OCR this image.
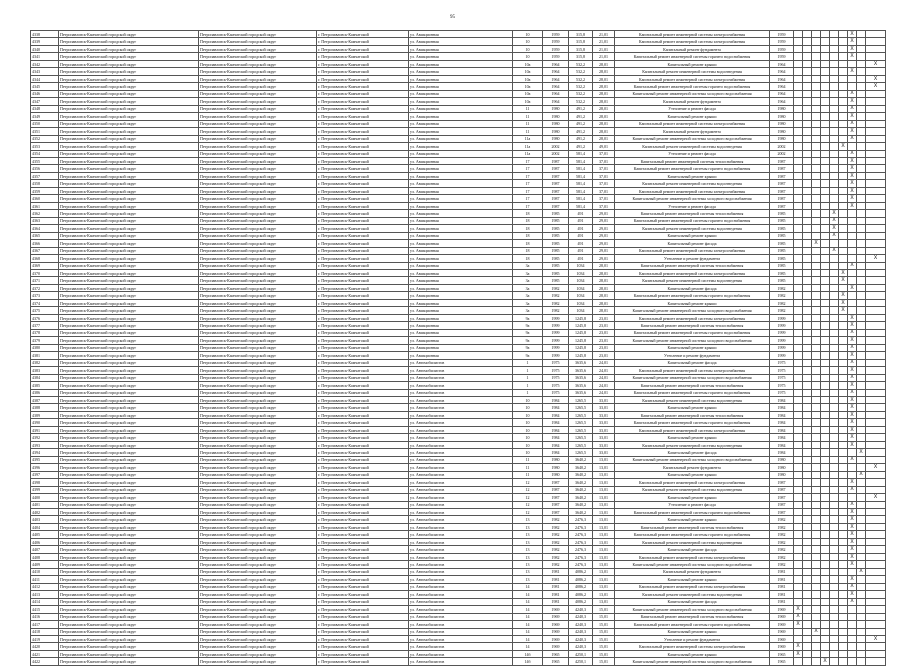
95
4338	Петропавловск-Камчатский городской округ	Петропавловск-Камчатский городской округ	г. Петропавловск-Камчатский	ул. Авиационная	10	1959	315,8	21,01	Капитальный ремонт инженерной системы электроснабжения	1959							X		
4339	Петропавловск-Камчатский городской округ	Петропавловск-Камчатский городской округ	г. Петропавловск-Камчатский	ул. Авиационная	10	1959	315,8	21,01	Капитальный ремонт инженерной системы электроснабжения	1959							X		
4340	Петропавловск-Камчатский городской округ	Петропавловск-Камчатский городской округ	г. Петропавловск-Камчатский	ул. Авиационная	10	1959	315,8	21,01	Капитальный ремонт фундамента	1959							X		
4341	Петропавловск-Камчатский городской округ	Петропавловск-Камчатский городской округ	г. Петропавловск-Камчатский	ул. Авиационная	10	1959	315,8	21,01	Капитальный ремонт инженерной системы горячего водоснабжения	1959							X		
4342	Петропавловск-Камчатский городской округ	Петропавловск-Камчатский городской округ	г. Петропавловск-Камчатский	ул. Авиационная	10а	1964	532,2	28,01	Капитальный ремонт крыши	1964									X
4343	Петропавловск-Камчатский городской округ	Петропавловск-Камчатский городской округ	г. Петропавловск-Камчатский	ул. Авиационная	10а	1964	532,2	28,01	Капитальный ремонт инженерной системы водоотведения	1964							X		
4344	Петропавловск-Камчатский городской округ	Петропавловск-Камчатский городской округ	г. Петропавловск-Камчатский	ул. Авиационная	10а	1964	532,2	28,01	Капитальный ремонт инженерной системы электроснабжения	1964									X
4345	Петропавловск-Камчатский городской округ	Петропавловск-Камчатский городской округ	г. Петропавловск-Камчатский	ул. Авиационная	10а	1964	532,2	28,01	Капитальный ремонт инженерной системы горячего водоснабжения	1964									X
4346	Петропавловск-Камчатский городской округ	Петропавловск-Камчатский городской округ	г. Петропавловск-Камчатский	ул. Авиационная	10а	1964	532,2	28,01	Капитальный ремонт инженерной системы холодного водоснабжения	1964							X		
4347	Петропавловск-Камчатский городской округ	Петропавловск-Камчатский городской округ	г. Петропавловск-Камчатский	ул. Авиационная	10а	1964	532,2	28,01	Капитальный ремонт фундамента	1964							X		
4348	Петропавловск-Камчатский городской округ	Петропавловск-Камчатский городской округ	г. Петропавловск-Камчатский	ул. Авиационная	11	1980	491,2	28,01	Утепление и ремонт фасада	1980							X		
4349	Петропавловск-Камчатский городской округ	Петропавловск-Камчатский городской округ	г. Петропавловск-Камчатский	ул. Авиационная	11	1980	491,2	28,01	Капитальный ремонт крыши	1980							X		
4350	Петропавловск-Камчатский городской округ	Петропавловск-Камчатский городской округ	г. Петропавловск-Камчатский	ул. Авиационная	11	1980	491,2	28,01	Капитальный ремонт инженерной системы электроснабжения	1980							X		
4351	Петропавловск-Камчатский городской округ	Петропавловск-Камчатский городской округ	г. Петропавловск-Камчатский	ул. Авиационная	11	1980	491,2	28,01	Капитальный ремонт фундамента	1980							X		
4352	Петропавловск-Камчатский городской округ	Петропавловск-Камчатский городской округ	г. Петропавловск-Камчатский	ул. Авиационная	11а	1980	491,2	28,01	Капитальный ремонт инженерной системы холодного водоснабжения	1980							X		
4353	Петропавловск-Камчатский городской округ	Петропавловск-Камчатский городской округ	г. Петропавловск-Камчатский	ул. Авиационная	11а	2002	491,2	49,01	Капитальный ремонт инженерной системы водоотведения	2002						X			
4354	Петропавловск-Камчатский городской округ	Петропавловск-Камчатский городской округ	г. Петропавловск-Камчатский	ул. Авиационная	11а	2002	581,4	37,01	Утепление и ремонт фасада	2002							X		
4355	Петропавловск-Камчатский городской округ	Петропавловск-Камчатский городской округ	г. Петропавловск-Камчатский	ул. Авиационная	17	1987	581,4	37,01	Капитальный ремонт инженерной системы теплоснабжения	1987							X		
4356	Петропавловск-Камчатский городской округ	Петропавловск-Камчатский городской округ	г. Петропавловск-Камчатский	ул. Авиационная	17	1987	581,4	37,01	Капитальный ремонт инженерной системы горячего водоснабжения	1987							X		
4357	Петропавловск-Камчатский городской округ	Петропавловск-Камчатский городской округ	г. Петропавловск-Камчатский	ул. Авиационная	17	1987	581,4	37,01	Капитальный ремонт крыши	1987							X		
4358	Петропавловск-Камчатский городской округ	Петропавловск-Камчатский городской округ	г. Петропавловск-Камчатский	ул. Авиационная	17	1987	581,4	37,01	Капитальный ремонт инженерной системы водоотведения	1987							X		
4359	Петропавловск-Камчатский городской округ	Петропавловск-Камчатский городской округ	г. Петропавловск-Камчатский	ул. Авиационная	17	1987	581,4	37,01	Капитальный ремонт инженерной системы электроснабжения	1987							X		
4360	Петропавловск-Камчатский городской округ	Петропавловск-Камчатский городской округ	г. Петропавловск-Камчатский	ул. Авиационная	17	1987	581,4	37,01	Капитальный ремонт инженерной системы холодного водоснабжения	1987							X		
4361	Петропавловск-Камчатский городской округ	Петропавловск-Камчатский городской округ	г. Петропавловск-Камчатский	ул. Авиационная	17	1987	581,4	37,01	Утепление и ремонт фасада	1987							X		
4362	Петропавловск-Камчатский городской округ	Петропавловск-Камчатский городской округ	г. Петропавловск-Камчатский	ул. Авиационная	18	1985	491	29,01	Капитальный ремонт инженерной системы теплоснабжения	1985					X				
4363	Петропавловск-Камчатский городской округ	Петропавловск-Камчатский городской округ	г. Петропавловск-Камчатский	ул. Авиационная	18	1985	491	29,01	Капитальный ремонт инженерной системы горячего водоснабжения	1985					X				
4364	Петропавловск-Камчатский городской округ	Петропавловск-Камчатский городской округ	г. Петропавловск-Камчатский	ул. Авиационная	18	1985	491	29,01	Капитальный ремонт инженерной системы водоотведения	1985					X				
4365	Петропавловск-Камчатский городской округ	Петропавловск-Камчатский городской округ	г. Петропавловск-Камчатский	ул. Авиационная	18	1985	491	29,01	Капитальный ремонт крыши	1985					X				
4366	Петропавловск-Камчатский городской округ	Петропавловск-Камчатский городской округ	г. Петропавловск-Камчатский	ул. Авиационная	18	1985	491	29,01	Капитальный ремонт фасада	1985			X						
4367	Петропавловск-Камчатский городской округ	Петропавловск-Камчатский городской округ	г. Петропавловск-Камчатский	ул. Авиационная	18	1985	491	29,01	Капитальный ремонт инженерной системы электроснабжения	1985					X				
4368	Петропавловск-Камчатский городской округ	Петропавловск-Камчатский городской округ	г. Петропавловск-Камчатский	ул. Авиационная	18	1985	491	29,01	Утепление и ремонт фундамента	1985									X
4369	Петропавловск-Камчатский городской округ	Петропавловск-Камчатский городской округ	г. Петропавловск-Камчатский	ул. Авиационная	3а	1985	1034	28,01	Капитальный ремонт инженерной системы теплоснабжения	1985							X		
4370	Петропавловск-Камчатский городской округ	Петропавловск-Камчатский городской округ	г. Петропавловск-Камчатский	ул. Авиационная	3а	1985	1034	28,01	Капитальный ремонт инженерной системы электроснабжения	1985						X			
4371	Петропавловск-Камчатский городской округ	Петропавловск-Камчатский городской округ	г. Петропавловск-Камчатский	ул. Авиационная	3а	1985	1034	28,01	Капитальный ремонт инженерной системы водоотведения	1985						X			
4372	Петропавловск-Камчатский городской округ	Петропавловск-Камчатский городской округ	г. Петропавловск-Камчатский	ул. Авиационная	3а	1982	1034	28,01	Капитальный ремонт фасада	1982							X		
4373	Петропавловск-Камчатский городской округ	Петропавловск-Камчатский городской округ	г. Петропавловск-Камчатский	ул. Авиационная	3а	1982	1034	28,01	Капитальный ремонт инженерной системы горячего водоснабжения	1982						X			
4374	Петропавловск-Камчатский городской округ	Петропавловск-Камчатский городской округ	г. Петропавловск-Камчатский	ул. Авиационная	3а	1982	1034	28,01	Капитальный ремонт крыши	1982						X			
4375	Петропавловск-Камчатский городской округ	Петропавловск-Камчатский городской округ	г. Петропавловск-Камчатский	ул. Авиационная	3а	1982	1034	28,01	Капитальный ремонт инженерной системы холодного водоснабжения	1982						X			
4376	Петропавловск-Камчатский городской округ	Петропавловск-Камчатский городской округ	г. Петропавловск-Камчатский	ул. Авиационная	9а	1999	1245,8	23,01	Капитальный ремонт инженерной системы электроснабжения	1999							X		
4377	Петропавловск-Камчатский городской округ	Петропавловск-Камчатский городской округ	г. Петропавловск-Камчатский	ул. Авиационная	9а	1999	1245,8	23,01	Капитальный ремонт инженерной системы теплоснабжения	1999							X		
4378	Петропавловск-Камчатский городской округ	Петропавловск-Камчатский городской округ	г. Петропавловск-Камчатский	ул. Авиационная	9а	1999	1245,8	23,01	Капитальный ремонт инженерной системы горячего водоснабжения	1999							X		
4379	Петропавловск-Камчатский городской округ	Петропавловск-Камчатский городской округ	г. Петропавловск-Камчатский	ул. Авиационная	9а	1999	1245,8	23,01	Капитальный ремонт инженерной системы холодного водоснабжения	1999							X		
4380	Петропавловск-Камчатский городской округ	Петропавловск-Камчатский городской округ	г. Петропавловск-Камчатский	ул. Авиационная	9а	1999	1245,8	23,01	Капитальный ремонт крыши	1999							X		
4381	Петропавловск-Камчатский городской округ	Петропавловск-Камчатский городской округ	г. Петропавловск-Камчатский	ул. Авиационная	9а	1999	1245,8	23,01	Утепление и ремонт фундамента	1999							X		
4382	Петропавловск-Камчатский городской округ	Петропавловск-Камчатский городской округ	г. Петропавловск-Камчатский	ул. Автомобилистов	1	1975	3635,6	24,01	Капитальный ремонт фасада	1975							X		
4383	Петропавловск-Камчатский городской округ	Петропавловск-Камчатский городской округ	г. Петропавловск-Камчатский	ул. Автомобилистов	1	1975	3635,6	24,01	Капитальный ремонт инженерной системы электроснабжения	1975							X		
4384	Петропавловск-Камчатский городской округ	Петропавловск-Камчатский городской округ	г. Петропавловск-Камчатский	ул. Автомобилистов	1	1975	3635,6	24,01	Капитальный ремонт инженерной системы холодного водоснабжения	1975							X		
4385	Петропавловск-Камчатский городской округ	Петропавловск-Камчатский городской округ	г. Петропавловск-Камчатский	ул. Автомобилистов	1	1975	3635,6	24,01	Капитальный ремонт инженерной системы теплоснабжения	1975							X		
4386	Петропавловск-Камчатский городской округ	Петропавловск-Камчатский городской округ	г. Петропавловск-Камчатский	ул. Автомобилистов	1	1975	3635,6	24,01	Капитальный ремонт инженерной системы горячего водоснабжения	1975							X		
4387	Петропавловск-Камчатский городской округ	Петропавловск-Камчатский городской округ	г. Петропавловск-Камчатский	ул. Автомобилистов	10	1984	1265,5	33,01	Капитальный ремонт инженерной системы водоотведения	1984							X		
4388	Петропавловск-Камчатский городской округ	Петропавловск-Камчатский городской округ	г. Петропавловск-Камчатский	ул. Автомобилистов	10	1984	1265,5	33,01	Капитальный ремонт крыши	1984							X		
4389	Петропавловск-Камчатский городской округ	Петропавловск-Камчатский городской округ	г. Петропавловск-Камчатский	ул. Автомобилистов	10	1984	1265,5	33,01	Капитальный ремонт инженерной системы теплоснабжения	1984							X		
4390	Петропавловск-Камчатский городской округ	Петропавловск-Камчатский городской округ	г. Петропавловск-Камчатский	ул. Автомобилистов	10	1984	1265,5	33,01	Капитальный ремонт инженерной системы горячего водоснабжения	1984							X		
4391	Петропавловск-Камчатский городской округ	Петропавловск-Камчатский городской округ	г. Петропавловск-Камчатский	ул. Автомобилистов	10	1984	1265,5	33,01	Капитальный ремонт инженерной системы электроснабжения	1984							X		
4392	Петропавловск-Камчатский городской округ	Петропавловск-Камчатский городской округ	г. Петропавловск-Камчатский	ул. Автомобилистов	10	1984	1265,5	33,01	Капитальный ремонт крыши	1984							X		
4393	Петропавловск-Камчатский городской округ	Петропавловск-Камчатский городской округ	г. Петропавловск-Камчатский	ул. Автомобилистов	10	1984	1265,5	33,01	Капитальный ремонт инженерной системы водоотведения	1984							X		
4394	Петропавловск-Камчатский городской округ	Петропавловск-Камчатский городской округ	г. Петропавловск-Камчатский	ул. Автомобилистов	10	1984	1265,5	33,01	Капитальный ремонт фасада	1984								X	
4395	Петропавловск-Камчатский городской округ	Петропавловск-Камчатский городской округ	г. Петропавловск-Камчатский	ул. Автомобилистов	11	1980	3640,2	13,01	Капитальный ремонт инженерной системы холодного водоснабжения	1980							X		
4396	Петропавловск-Камчатский городской округ	Петропавловск-Камчатский городской округ	г. Петропавловск-Камчатский	ул. Автомобилистов	11	1980	3640,2	13,01	Капитальный ремонт фундамента	1980									X
4397	Петропавловск-Камчатский городской округ	Петропавловск-Камчатский городской округ	г. Петропавловск-Камчатский	ул. Автомобилистов	11	1980	3640,2	13,01	Капитальный ремонт крыши	1980								X	
4398	Петропавловск-Камчатский городской округ	Петропавловск-Камчатский городской округ	г. Петропавловск-Камчатский	ул. Автомобилистов	12	1987	3640,2	13,01	Капитальный ремонт инженерной системы электроснабжения	1987							X		
4399	Петропавловск-Камчатский городской округ	Петропавловск-Камчатский городской округ	г. Петропавловск-Камчатский	ул. Автомобилистов	12	1987	3640,2	13,01	Капитальный ремонт инженерной системы водоотведения	1987							X		
4400	Петропавловск-Камчатский городской округ	Петропавловск-Камчатский городской округ	г. Петропавловск-Камчатский	ул. Автомобилистов	12	1987	3640,2	13,01	Капитальный ремонт крыши	1987									X
4401	Петропавловск-Камчатский городской округ	Петропавловск-Камчатский городской округ	г. Петропавловск-Камчатский	ул. Автомобилистов	12	1987	3640,2	13,01	Утепление и ремонт фасада	1987							X		
4402	Петропавловск-Камчатский городской округ	Петропавловск-Камчатский городской округ	г. Петропавловск-Камчатский	ул. Автомобилистов	12	1987	3640,2	13,01	Капитальный ремонт инженерной системы горячего водоснабжения	1987							X		
4403	Петропавловск-Камчатский городской округ	Петропавловск-Камчатский городской округ	г. Петропавловск-Камчатский	ул. Автомобилистов	13	1982	2476,3	13,01	Капитальный ремонт крыши	1982							X		
4404	Петропавловск-Камчатский городской округ	Петропавловск-Камчатский городской округ	г. Петропавловск-Камчатский	ул. Автомобилистов	13	1982	2476,3	13,01	Капитальный ремонт инженерной системы теплоснабжения	1982							X		
4405	Петропавловск-Камчатский городской округ	Петропавловск-Камчатский городской округ	г. Петропавловск-Камчатский	ул. Автомобилистов	13	1982	2476,3	13,01	Капитальный ремонт инженерной системы горячего водоснабжения	1982							X		
4406	Петропавловск-Камчатский городской округ	Петропавловск-Камчатский городской округ	г. Петропавловск-Камчатский	ул. Автомобилистов	13	1982	2476,3	13,01	Капитальный ремонт инженерной системы водоотведения	1982							X		
4407	Петропавловск-Камчатский городской округ	Петропавловск-Камчатский городской округ	г. Петропавловск-Камчатский	ул. Автомобилистов	13	1982	2476,3	13,01	Капитальный ремонт фасада	1982							X		
4408	Петропавловск-Камчатский городской округ	Петропавловск-Камчатский городской округ	г. Петропавловск-Камчатский	ул. Автомобилистов	13	1982	2476,3	13,01	Капитальный ремонт инженерной системы электроснабжения	1982							X		
4409	Петропавловск-Камчатский городской округ	Петропавловск-Камчатский городской округ	г. Петропавловск-Камчатский	ул. Автомобилистов	13	1982	2476,3	13,01	Капитальный ремонт инженерной системы холодного водоснабжения	1982							X		
4410	Петропавловск-Камчатский городской округ	Петропавловск-Камчатский городской округ	г. Петропавловск-Камчатский	ул. Автомобилистов	13	1981	4086,2	13,01	Капитальный ремонт фундамента	1981								X	
4411	Петропавловск-Камчатский городской округ	Петропавловск-Камчатский городской округ	г. Петропавловск-Камчатский	ул. Автомобилистов	13	1981	4086,2	13,01	Капитальный ремонт крыши	1981							X		
4412	Петропавловск-Камчатский городской округ	Петропавловск-Камчатский городской округ	г. Петропавловск-Камчатский	ул. Автомобилистов	14	1981	4086,2	13,01	Капитальный ремонт инженерной системы электроснабжения	1981							X		
4413	Петропавловск-Камчатский городской округ	Петропавловск-Камчатский городской округ	г. Петропавловск-Камчатский	ул. Автомобилистов	14	1981	4086,2	13,01	Капитальный ремонт инженерной системы водоотведения	1981							X		
4414	Петропавловск-Камчатский городской округ	Петропавловск-Камчатский городской округ	г. Петропавловск-Камчатский	ул. Автомобилистов	14	1981	4086,2	13,01	Капитальный ремонт фасада	1981							X		
4415	Петропавловск-Камчатский городской округ	Петропавловск-Камчатский городской округ	г. Петропавловск-Камчатский	ул. Автомобилистов	14	1969	4240,3	15,01	Капитальный ремонт инженерной системы холодного водоснабжения	1969	X								
4416	Петропавловск-Камчатский городской округ	Петропавловск-Камчатский городской округ	г. Петропавловск-Камчатский	ул. Автомобилистов	14	1969	4240,3	15,01	Капитальный ремонт инженерной системы теплоснабжения	1969	X								
4417	Петропавловск-Камчатский городской округ	Петропавловск-Камчатский городской округ	г. Петропавловск-Камчатский	ул. Автомобилистов	14	1969	4240,3	15,01	Капитальный ремонт инженерной системы горячего водоснабжения	1969	X								
4418	Петропавловск-Камчатский городской округ	Петропавловск-Камчатский городской округ	г. Петропавловск-Камчатский	ул. Автомобилистов	14	1969	4240,3	15,01	Капитальный ремонт крыши	1969			X						
4419	Петропавловск-Камчатский городской округ	Петропавловск-Камчатский городской округ	г. Петропавловск-Камчатский	ул. Автомобилистов	14	1969	4240,3	15,01	Утепление и ремонт фундамента	1969									X
4420	Петропавловск-Камчатский городской округ	Петропавловск-Камчатский городской округ	г. Петропавловск-Камчатский	ул. Автомобилистов	14	1969	4240,3	15,01	Капитальный ремонт инженерной системы электроснабжения	1969	X								
4421	Петропавловск-Камчатский городской округ	Петропавловск-Камчатский городской округ	г. Петропавловск-Камчатский	ул. Автомобилистов	14б	1965	4250,1	15,01	Капитальный ремонт крыши	1965	X								
4422	Петропавловск-Камчатский городской округ	Петропавловск-Камчатский городской округ	г. Петропавловск-Камчатский	ул. Автомобилистов	14б	1965	4250,1	15,01	Капитальный ремонт инженерной системы холодного водоснабжения	1965				X					
